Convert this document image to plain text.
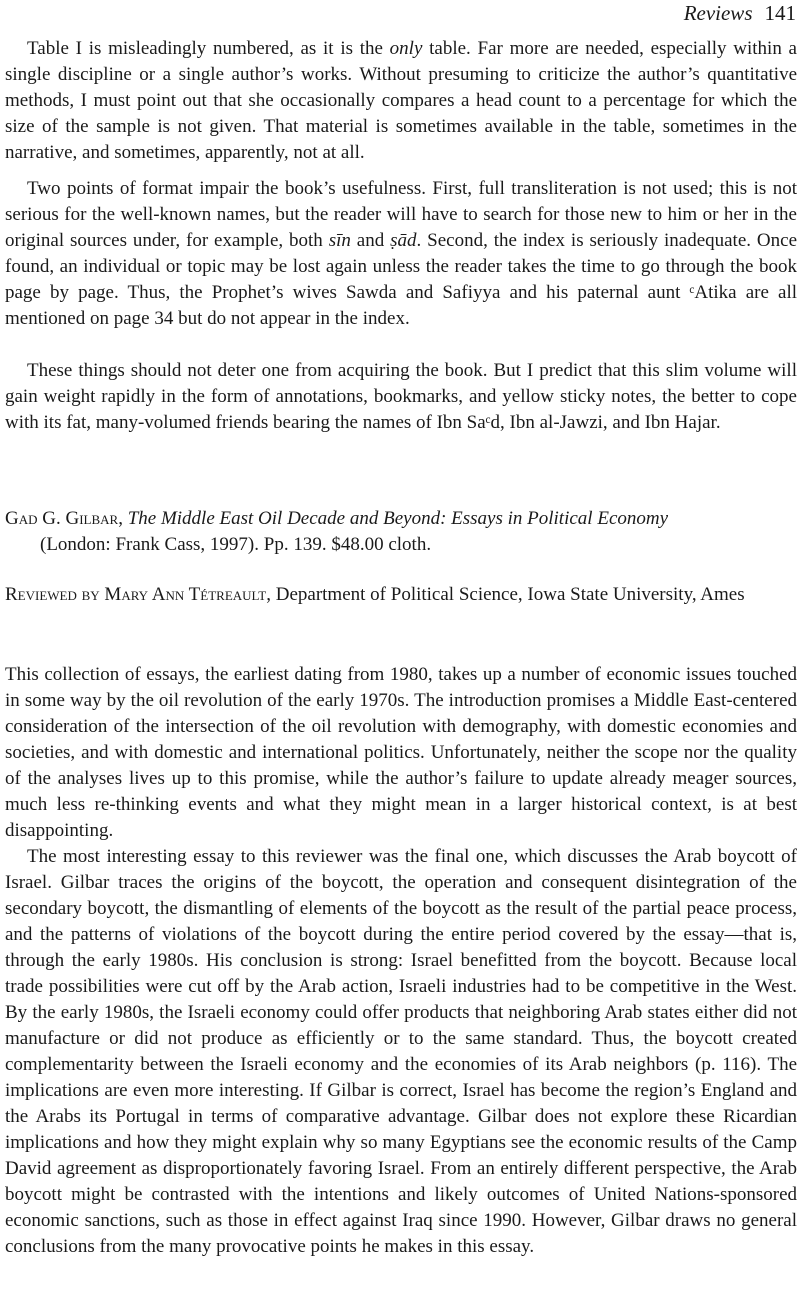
Reviews 141

Table I is misleadingly numbered, as it is the only table. Far more are needed, especially within a single discipline or a single author’s works. Without presuming to criticize the author’s quantitative methods, I must point out that she occasionally compares a head count to a percentage for which the size of the sample is not given. That material is sometimes available in the table, sometimes in the narrative, and sometimes, apparently, not at all.

Two points of format impair the book’s usefulness. First, full transliteration is not used; this is not serious for the well-known names, but the reader will have to search for those new to him or her in the original sources under, for example, both sīn and ṣād. Second, the index is seriously inadequate. Once found, an individual or topic may be lost again unless the reader takes the time to go through the book page by page. Thus, the Prophet’s wives Sawda and Safiyya and his paternal aunt ᶜAtika are all mentioned on page 34 but do not appear in the index.

These things should not deter one from acquiring the book. But I predict that this slim volume will gain weight rapidly in the form of annotations, bookmarks, and yellow sticky notes, the better to cope with its fat, many-volumed friends bearing the names of Ibn Saᶜd, Ibn al-Jawzi, and Ibn Hajar.

Gad G. Gilbar, The Middle East Oil Decade and Beyond: Essays in Political Economy
(London: Frank Cass, 1997). Pp. 139. $48.00 cloth.
Reviewed by Mary Ann Tétreault, Department of Political Science, Iowa State University, Ames

This collection of essays, the earliest dating from 1980, takes up a number of economic issues touched in some way by the oil revolution of the early 1970s. The introduction promises a Middle East-centered consideration of the intersection of the oil revolution with demography, with domestic economies and societies, and with domestic and international politics. Unfortunately, neither the scope nor the quality of the analyses lives up to this promise, while the author’s failure to update already meager sources, much less re-thinking events and what they might mean in a larger historical context, is at best disappointing.

The most interesting essay to this reviewer was the final one, which discusses the Arab boycott of Israel. Gilbar traces the origins of the boycott, the operation and consequent disintegration of the secondary boycott, the dismantling of elements of the boycott as the result of the partial peace process, and the patterns of violations of the boycott during the entire period covered by the essay—that is, through the early 1980s. His conclusion is strong: Israel benefitted from the boycott. Because local trade possibilities were cut off by the Arab action, Israeli industries had to be competitive in the West. By the early 1980s, the Israeli economy could offer products that neighboring Arab states either did not manufacture or did not produce as efficiently or to the same standard. Thus, the boycott created complementarity between the Israeli economy and the economies of its Arab neighbors (p. 116). The implications are even more interesting. If Gilbar is correct, Israel has become the region’s England and the Arabs its Portugal in terms of comparative advantage. Gilbar does not explore these Ricardian implications and how they might explain why so many Egyptians see the economic results of the Camp David agreement as disproportionately favoring Israel. From an entirely different perspective, the Arab boycott might be contrasted with the intentions and likely outcomes of United Nations-sponsored economic sanctions, such as those in effect against Iraq since 1990. However, Gilbar draws no general conclusions from the many provocative points he makes in this essay.
